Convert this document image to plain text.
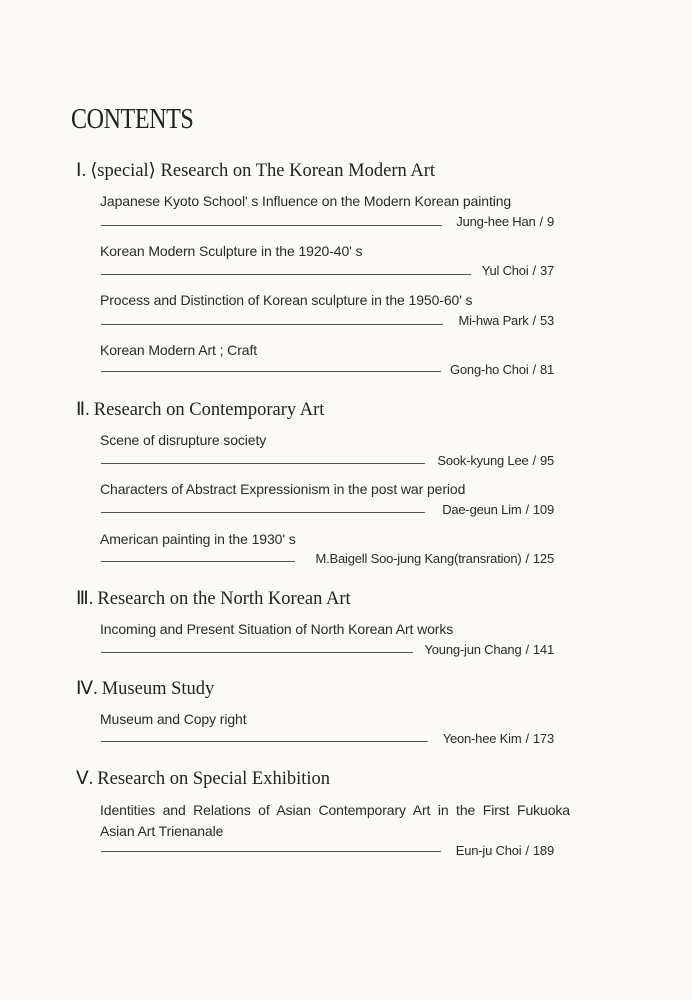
CONTENTS
Ⅰ. ⟨special⟩ Research on The Korean Modern Art
Japanese Kyoto School' s Influence on the Modern Korean painting
Jung-hee Han / 9
Korean Modern Sculpture in the 1920-40' s
Yul Choi / 37
Process and Distinction of Korean sculpture in the 1950-60' s
Mi-hwa Park / 53
Korean Modern Art ; Craft
Gong-ho Choi / 81
Ⅱ. Research on Contemporary Art
Scene of disrupture society
Sook-kyung Lee / 95
Characters of Abstract Expressionism in the post war period
Dae-geun Lim / 109
American painting in the 1930' s
M.Baigell Soo-jung Kang(transration) / 125
Ⅲ. Research on the North Korean Art
Incoming and Present Situation of North Korean Art works
Young-jun Chang / 141
Ⅳ. Museum Study
Museum and Copy right
Yeon-hee Kim / 173
Ⅴ. Research on Special Exhibition
Identities and Relations of Asian Contemporary Art in the First Fukuoka Asian Art Trienanale
Eun-ju Choi / 189
